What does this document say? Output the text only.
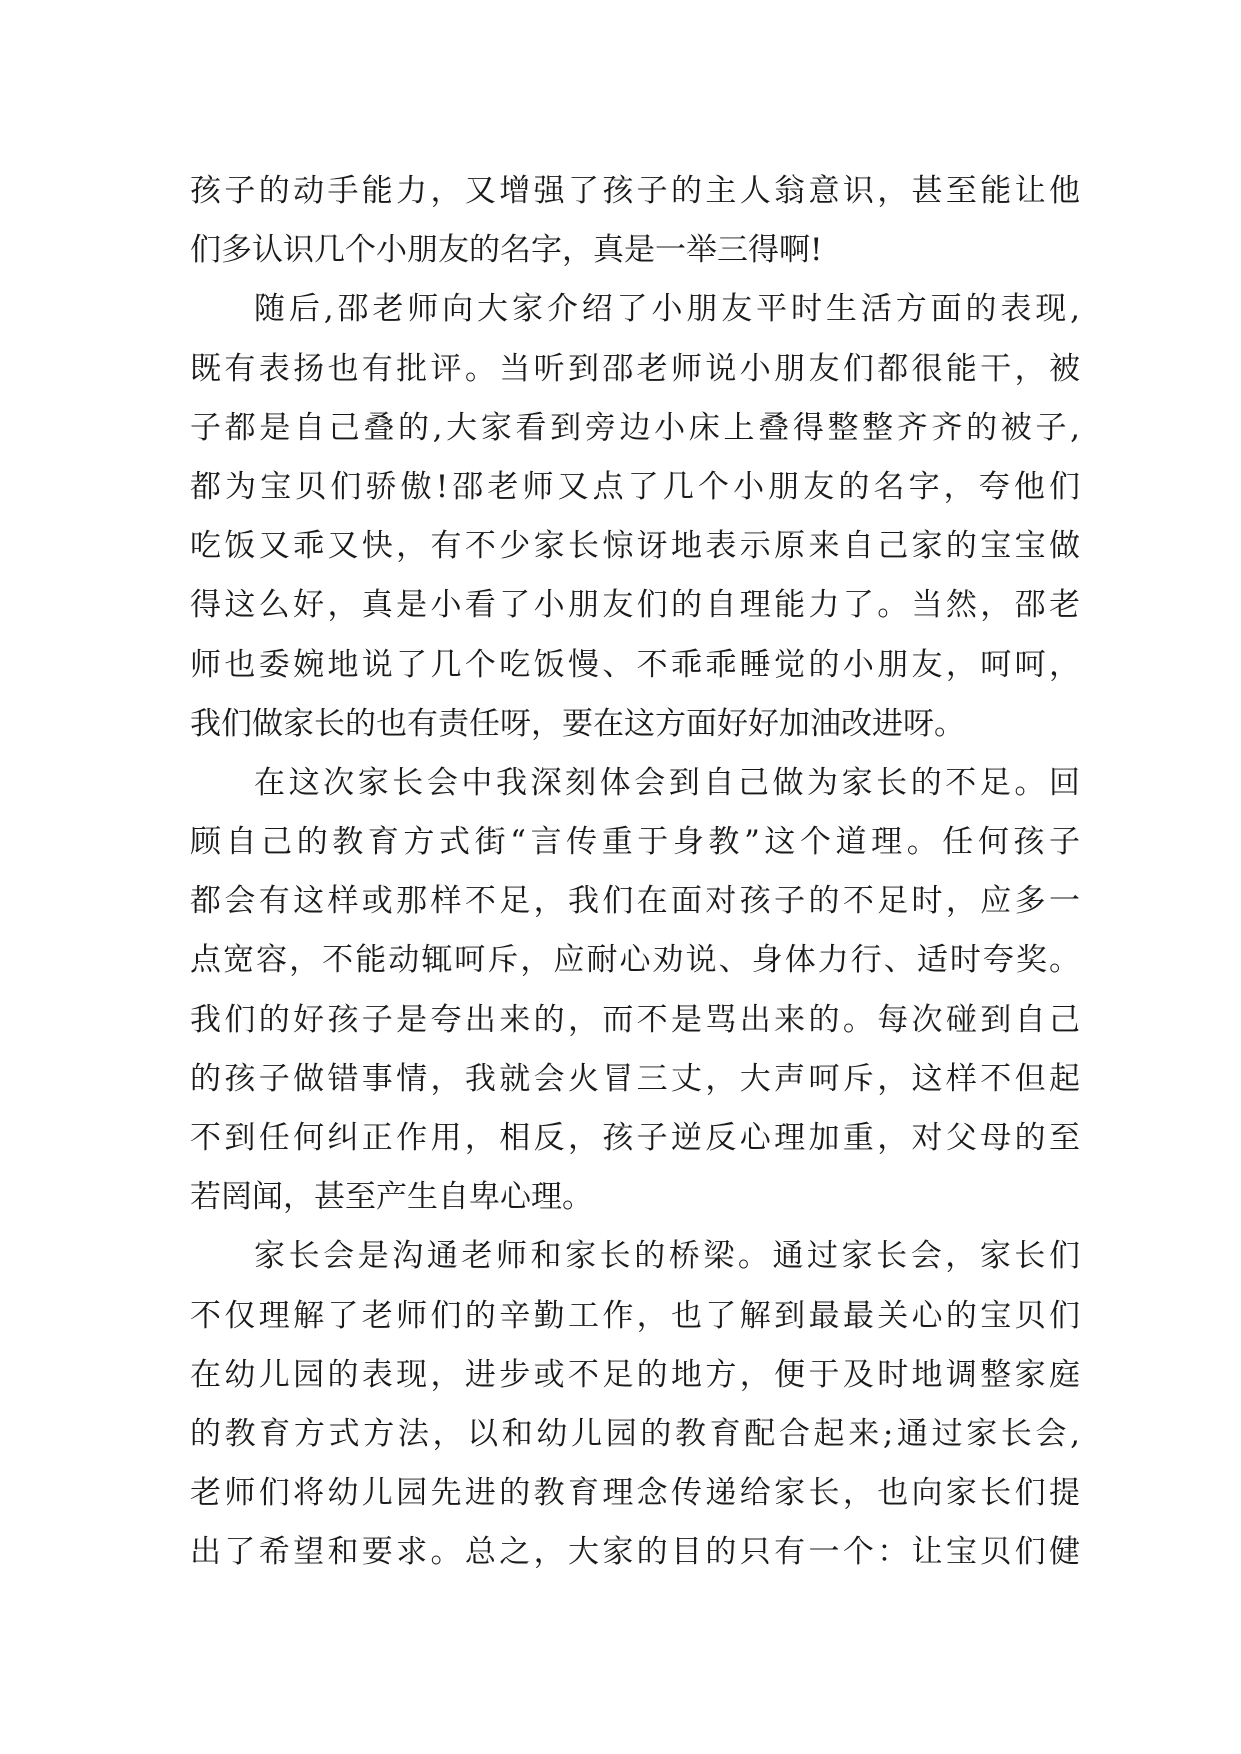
孩子的动手能力，又增强了孩子的主人翁意识，甚至能让他
们多认识几个小朋友的名字，真是一举三得啊!
随后,邵老师向大家介绍了小朋友平时生活方面的表现,
既有表扬也有批评。当听到邵老师说小朋友们都很能干，被
子都是自己叠的,大家看到旁边小床上叠得整整齐齐的被子,
都为宝贝们骄傲!邵老师又点了几个小朋友的名字，夸他们
吃饭又乖又快，有不少家长惊讶地表示原来自己家的宝宝做
得这么好，真是小看了小朋友们的自理能力了。当然，邵老
师也委婉地说了几个吃饭慢、不乖乖睡觉的小朋友，呵呵，
我们做家长的也有责任呀，要在这方面好好加油改进呀。
在这次家长会中我深刻体会到自己做为家长的不足。回
顾自己的教育方式街“言传重于身教”这个道理。任何孩子
都会有这样或那样不足，我们在面对孩子的不足时，应多一
点宽容，不能动辄呵斥，应耐心劝说、身体力行、适时夸奖。
我们的好孩子是夸出来的，而不是骂出来的。每次碰到自己
的孩子做错事情，我就会火冒三丈，大声呵斥，这样不但起
不到任何纠正作用，相反，孩子逆反心理加重，对父母的至
若罔闻，甚至产生自卑心理。
家长会是沟通老师和家长的桥梁。通过家长会，家长们
不仅理解了老师们的辛勤工作，也了解到最最关心的宝贝们
在幼儿园的表现，进步或不足的地方，便于及时地调整家庭
的教育方式方法，以和幼儿园的教育配合起来;通过家长会,
老师们将幼儿园先进的教育理念传递给家长，也向家长们提
出了希望和要求。总之，大家的目的只有一个：让宝贝们健
